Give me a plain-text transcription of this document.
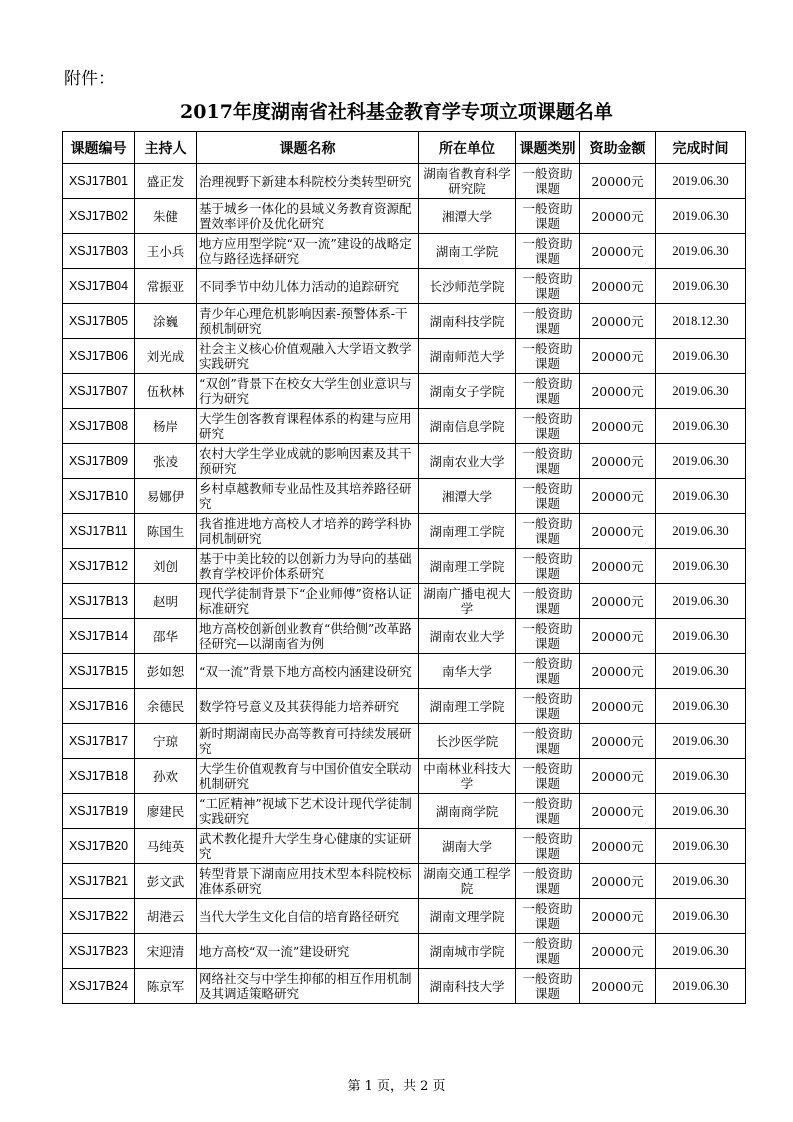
附件：
2017年度湖南省社科基金教育学专项立项课题名单
课题编号	主持人	课题名称	所在单位	课题类别	资助金额	完成时间
XSJ17B01	盛正发	治理视野下新建本科院校分类转型研究	湖南省教育科学研究院	一般资助课题	20000元	2019.06.30
XSJ17B02	朱健	基于城乡一体化的县域义务教育资源配置效率评价及优化研究	湘潭大学	一般资助课题	20000元	2019.06.30
XSJ17B03	王小兵	地方应用型学院“双一流”建设的战略定位与路径选择研究	湖南工学院	一般资助课题	20000元	2019.06.30
XSJ17B04	常振亚	不同季节中幼儿体力活动的追踪研究	长沙师范学院	一般资助课题	20000元	2019.06.30
XSJ17B05	涂巍	青少年心理危机影响因素-预警体系-干预机制研究	湖南科技学院	一般资助课题	20000元	2018.12.30
XSJ17B06	刘光成	社会主义核心价值观融入大学语文教学实践研究	湖南师范大学	一般资助课题	20000元	2019.06.30
XSJ17B07	伍秋林	“双创”背景下在校女大学生创业意识与行为研究	湖南女子学院	一般资助课题	20000元	2019.06.30
XSJ17B08	杨岸	大学生创客教育课程体系的构建与应用研究	湖南信息学院	一般资助课题	20000元	2019.06.30
XSJ17B09	张凌	农村大学生学业成就的影响因素及其干预研究	湖南农业大学	一般资助课题	20000元	2019.06.30
XSJ17B10	易娜伊	乡村卓越教师专业品性及其培养路径研究	湘潭大学	一般资助课题	20000元	2019.06.30
XSJ17B11	陈国生	我省推进地方高校人才培养的跨学科协同机制研究	湖南理工学院	一般资助课题	20000元	2019.06.30
XSJ17B12	刘创	基于中美比较的以创新力为导向的基础教育学校评价体系研究	湖南理工学院	一般资助课题	20000元	2019.06.30
XSJ17B13	赵明	现代学徒制背景下“企业师傅”资格认证标准研究	湖南广播电视大学	一般资助课题	20000元	2019.06.30
XSJ17B14	邵华	地方高校创新创业教育“供给侧”改革路径研究—以湖南省为例	湖南农业大学	一般资助课题	20000元	2019.06.30
XSJ17B15	彭如恕	“双一流”背景下地方高校内涵建设研究	南华大学	一般资助课题	20000元	2019.06.30
XSJ17B16	余德民	数学符号意义及其获得能力培养研究	湖南理工学院	一般资助课题	20000元	2019.06.30
XSJ17B17	宁琼	新时期湖南民办高等教育可持续发展研究	长沙医学院	一般资助课题	20000元	2019.06.30
XSJ17B18	孙欢	大学生价值观教育与中国价值安全联动机制研究	中南林业科技大学	一般资助课题	20000元	2019.06.30
XSJ17B19	廖建民	“工匠精神”视域下艺术设计现代学徒制实践研究	湖南商学院	一般资助课题	20000元	2019.06.30
XSJ17B20	马纯英	武术教化提升大学生身心健康的实证研究	湖南大学	一般资助课题	20000元	2019.06.30
XSJ17B21	彭文武	转型背景下湖南应用技术型本科院校标准体系研究	湖南交通工程学院	一般资助课题	20000元	2019.06.30
XSJ17B22	胡港云	当代大学生文化自信的培育路径研究	湖南文理学院	一般资助课题	20000元	2019.06.30
XSJ17B23	宋迎清	地方高校“双一流”建设研究	湖南城市学院	一般资助课题	20000元	2019.06.30
XSJ17B24	陈京军	网络社交与中学生抑郁的相互作用机制及其调适策略研究	湖南科技大学	一般资助课题	20000元	2019.06.30
第 1 页，共 2 页
